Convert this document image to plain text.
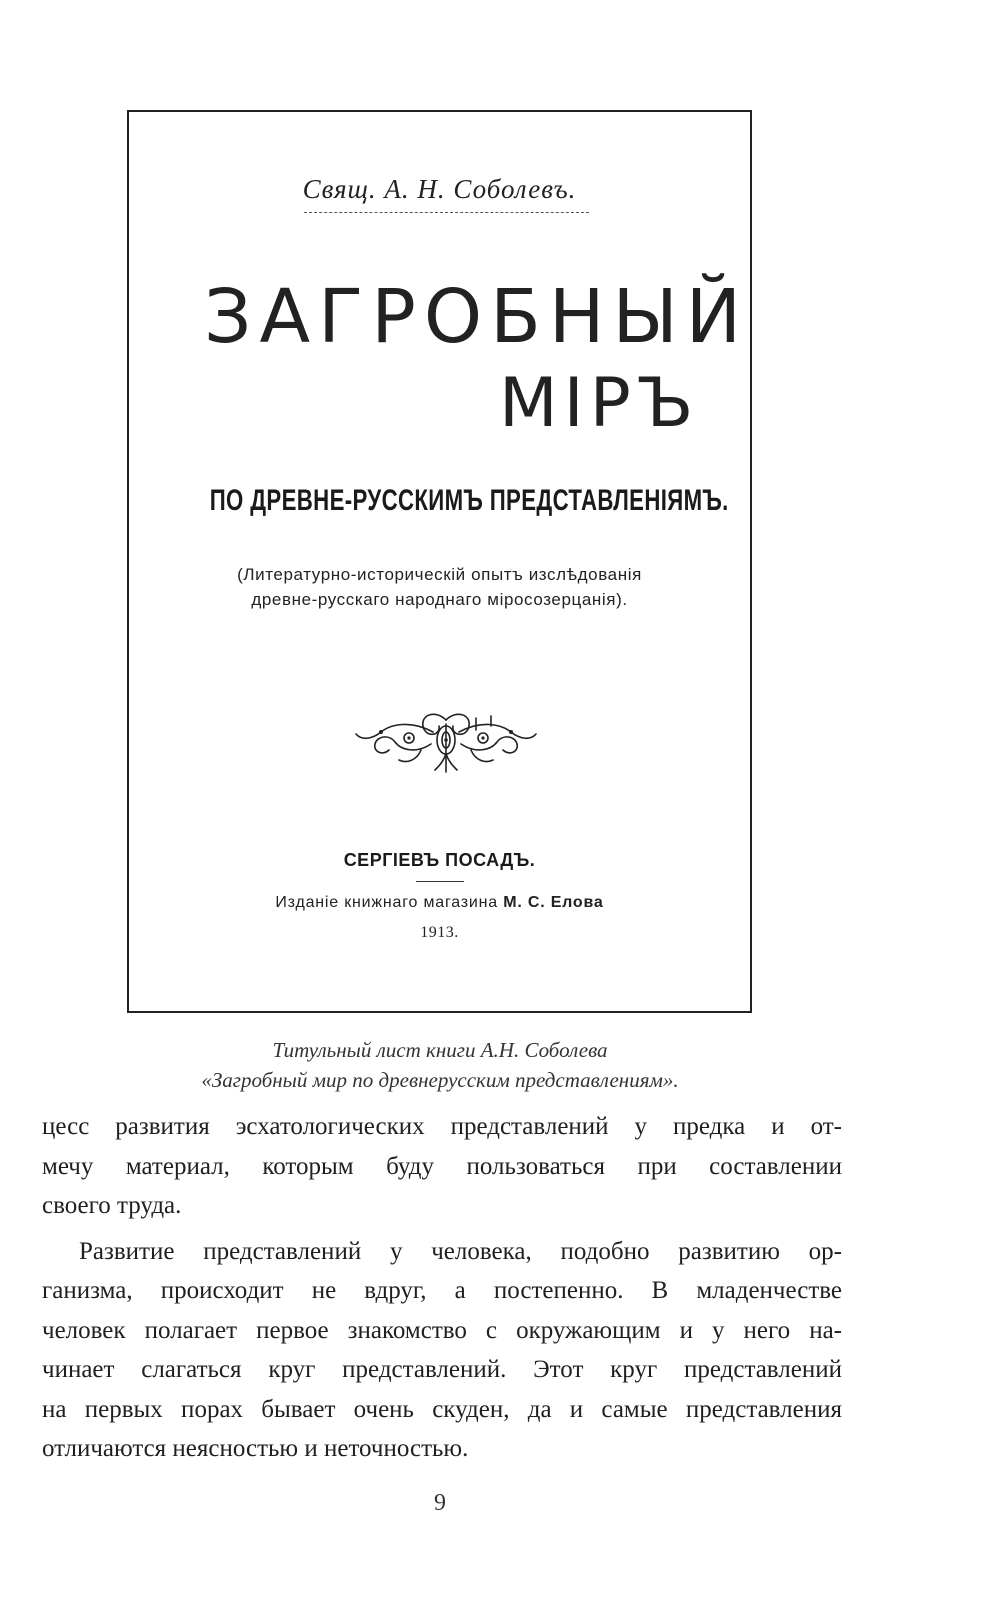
Свящ. А. Н. Соболевъ.
ЗАГРОБНЫЙ
МIРЪ
ПО ДРЕВНЕ-РУССКИМЪ ПРЕДСТАВЛЕНIЯМЪ.
(Литературно-историческiй опытъ изслѣдованiя
древне-русскаго народнаго мiросозерцанiя).
СЕРГIЕВЪ ПОСАДЪ.
Изданiе книжнаго магазина М. С. Елова
1913.
Титульный лист книги А.Н. Соболева
«Загробный мир по древнерусским представлениям».
цесс развития эсхатологических представлений у предка и от-
мечу материал, которым буду пользоваться при составлении
своего труда.
Развитие представлений у человека, подобно развитию ор-
ганизма, происходит не вдруг, а постепенно. В младенчестве
человек полагает первое знакомство с окружающим и у него на-
чинает слагаться круг представлений. Этот круг представлений
на первых порах бывает очень скуден, да и самые представления
отличаются неясностью и неточностью.
9
